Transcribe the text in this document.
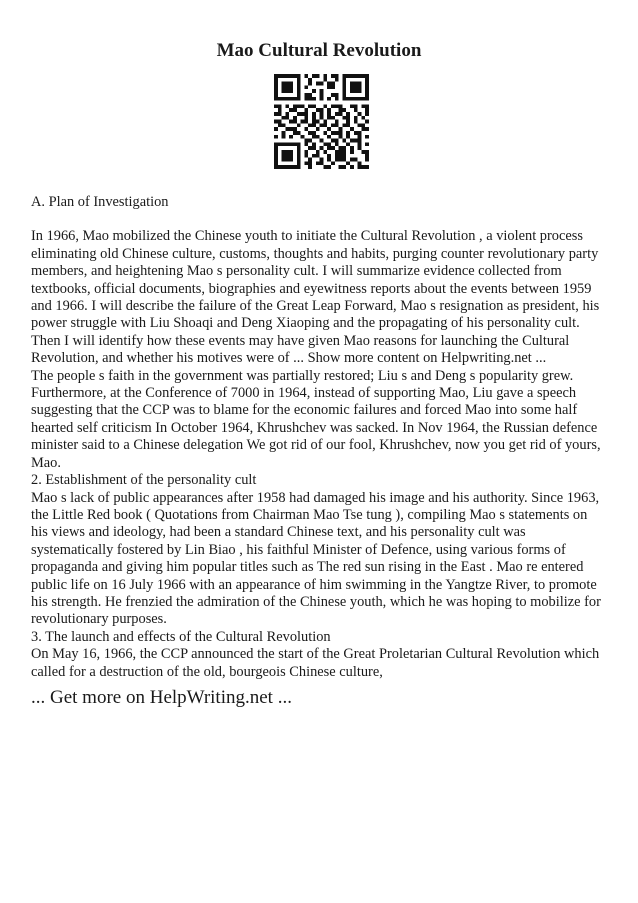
Mao Cultural Revolution

A. Plan of Investigation

In 1966, Mao mobilized the Chinese youth to initiate the Cultural Revolution , a violent process eliminating old Chinese culture, customs, thoughts and habits, purging counter revolutionary party members, and heightening Mao s personality cult. I will summarize evidence collected from textbooks, official documents, biographies and eyewitness reports about the events between 1959 and 1966. I will describe the failure of the Great Leap Forward, Mao s resignation as president, his power struggle with Liu Shoaqi and Deng Xiaoping and the propagating of his personality cult. Then I will identify how these events may have given Mao reasons for launching the Cultural Revolution, and whether his motives were of ... Show more content on Helpwriting.net ...

The people s faith in the government was partially restored; Liu s and Deng s popularity grew. Furthermore, at the Conference of 7000 in 1964, instead of supporting Mao, Liu gave a speech suggesting that the CCP was to blame for the economic failures and forced Mao into some half hearted self criticism In October 1964, Khrushchev was sacked. In Nov 1964, the Russian defence minister said to a Chinese delegation We got rid of our fool, Khrushchev, now you get rid of yours, Mao.

2. Establishment of the personality cult

Mao s lack of public appearances after 1958 had damaged his image and his authority. Since 1963, the Little Red book ( Quotations from Chairman Mao Tse tung ), compiling Mao s statements on his views and ideology, had been a standard Chinese text, and his personality cult was systematically fostered by Lin Biao , his faithful Minister of Defence, using various forms of propaganda and giving him popular titles such as The red sun rising in the East . Mao re entered public life on 16 July 1966 with an appearance of him swimming in the Yangtze River, to promote his strength. He frenzied the admiration of the Chinese youth, which he was hoping to mobilize for revolutionary purposes.

3. The launch and effects of the Cultural Revolution

On May 16, 1966, the CCP announced the start of the Great Proletarian Cultural Revolution which called for a destruction of the old, bourgeois Chinese culture,

... Get more on HelpWriting.net ...
